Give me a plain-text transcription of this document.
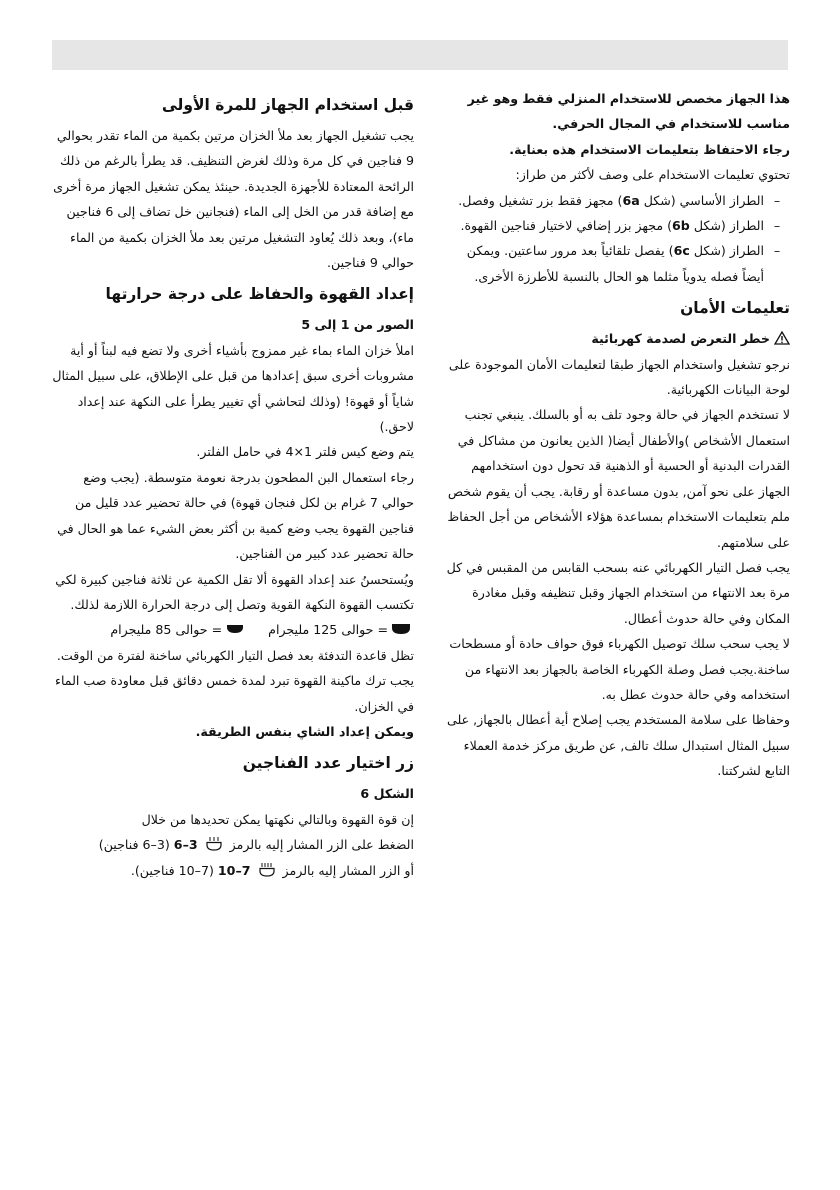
هذا الجهاز مخصص للاستخدام المنزلي فقط وهو غير مناسب للاستخدام في المجال الحرفي.

رجاء الاحتفاظ بتعليمات الاستخدام هذه بعناية.

تحتوي تعليمات الاستخدام على وصف لأكثر من طراز:

–
الطراز الأساسي (شكل 6a) مجهز فقط بزر تشغيل وفصل.
–
الطراز (شكل 6b) مجهز بزر إضافي لاختيار فناجين القهوة.
–
الطراز (شكل 6c) يفصل تلقائياً بعد مرور ساعتين. ويمكن أيضاً فصله يدوياً مثلما هو الحال بالنسبة للأطرزة الأخرى.
تعليمات الأمان
خطر التعرض لصدمة كهربائية

نرجو تشغيل واستخدام الجهاز طبقا لتعليمات الأمان الموجودة على لوحة البيانات الكهربائية.

لا تستخدم الجهاز في حالة وجود تلف به أو بالسلك. ينبغي تجنب استعمال الأشخاص )والأطفال أيضا( الذين يعانون من مشاكل في القدرات البدنية أو الحسية أو الذهنية قد تحول دون استخدامهم الجهاز على نحو آمن, بدون مساعدة أو رقابة. يجب أن يقوم شخص ملم بتعليمات الاستخدام بمساعدة هؤلاء الأشخاص من أجل الحفاظ على سلامتهم.

يجب فصل التيار الكهربائي عنه بسحب القابس من المقبس في كل مرة بعد الانتهاء من استخدام الجهاز وقبل تنظيفه وقبل مغادرة المكان وفي حالة حدوث أعطال.

لا يجب سحب سلك توصيل الكهرباء فوق حواف حادة أو مسطحات ساخنة.يجب فصل وصلة الكهرباء الخاصة بالجهاز بعد الانتهاء من استخدامه وفي حالة حدوث عطل به.

وحفاظا على سلامة المستخدم يجب إصلاح أية أعطال بالجهاز, على سبيل المثال استبدال سلك تالف, عن طريق مركز خدمة العملاء التابع لشركتنا.

قبل استخدام الجهاز للمرة الأولى

يجب تشغيل الجهاز بعد ملأ الخزان مرتين بكمية من الماء تقدر بحوالي 9 فناجين في كل مرة وذلك لغرض التنظيف. قد يطرأ بالرغم من ذلك الرائحة المعتادة للأجهزة الجديدة. حينئذ يمكن تشغيل الجهاز مرة أخرى مع إضافة قدر من الخل إلى الماء (فنجانين خل تضاف إلى 6 فناجين ماء)، وبعد ذلك يُعاود التشغيل مرتين بعد ملأ الخزان بكمية من الماء حوالي 9 فناجين.

إعداد القهوة والحفاظ على درجة حرارتها

الصور من 1 إلى 5

املأ خزان الماء بماء غير ممزوج بأشياء أخرى ولا تضع فيه لبناً أو أية مشروبات أخرى سبق إعدادها من قبل على الإطلاق، على سبيل المثال شاياً أو قهوة! (وذلك لتحاشي أي تغيير يطرأ على النكهة عند إعداد لاحق.)

يتم وضع كيس فلتر 1×4 في حامل الفلتر.

رجاء استعمال البن المطحون بدرجة نعومة متوسطة. (يجب وضع حوالي 7 غرام بن لكل فنجان قهوة) في حالة تحضير عدد قليل من فناجين القهوة يجب وضع كمية بن أكثر بعض الشيء عما هو الحال في حالة تحضير عدد كبير من الفناجين.

ويُستحسنُ عند إعداد القهوة ألا تقل الكمية عن ثلاثة فناجين كبيرة لكي تكتسب القهوة النكهة القوية وتصل إلى درجة الحرارة اللازمة لذلك.

= حوالى 125 مليجرام     = حوالى 85 مليجرام

تظل قاعدة التدفئة بعد فصل التيار الكهربائي ساخنة لفترة من الوقت. يجب ترك ماكينة القهوة تبرد لمدة خمس دقائق قبل معاودة صب الماء في الخزان.

ويمكن إعداد الشاي بنفس الطريقة.

زر اختيار عدد الفناجين

الشكل 6

إن قوة القهوة وبالتالي نكهتها يمكن تحديدها من خلال

الضغط على الزر المشار إليه بالرمز  3–6 (3–6 فناجين)

أو الزر المشار إليه بالرمز  7–10 (7–10 فناجين).
